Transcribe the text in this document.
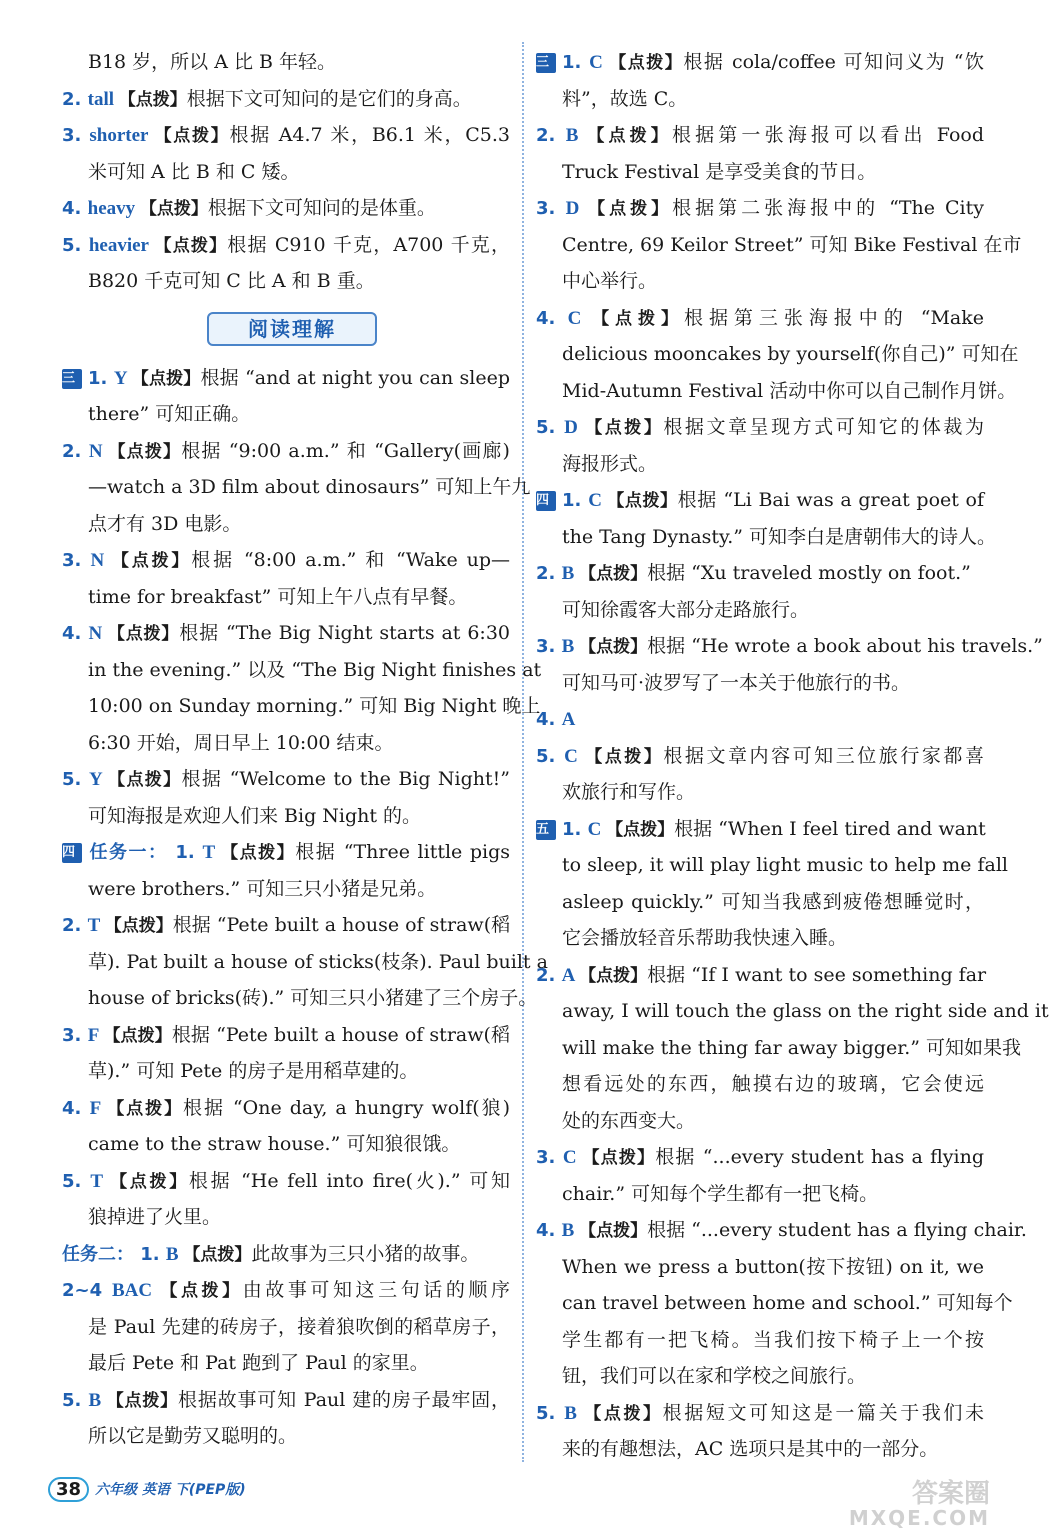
B18 岁，所以 A 比 B 年轻。
2. tall 【点拨】根据下文可知问的是它们的身高。
3. shorter 【点拨】根据 A4.7 米，B6.1 米，C5.3
米可知 A 比 B 和 C 矮。
4. heavy 【点拨】根据下文可知问的是体重。
5. heavier 【点拨】根据 C910 千克，A700 千克，
B820 千克可知 C 比 A 和 B 重。
阅读理解
三 1. Y 【点拨】根据 “and at night you can sleep
there” 可知正确。
2. N 【点拨】根据 “9:00 a.m.” 和 “Gallery(画廊)
—watch a 3D film about dinosaurs” 可知上午九
点才有 3D 电影。
3. N 【点拨】根据 “8:00 a.m.” 和 “Wake up—
time for breakfast” 可知上午八点有早餐。
4. N 【点拨】根据 “The Big Night starts at 6:30
in the evening.” 以及 “The Big Night finishes at
10:00 on Sunday morning.” 可知 Big Night 晚上
6:30 开始，周日早上 10:00 结束。
5. Y 【点拨】根据 “Welcome to the Big Night!”
可知海报是欢迎人们来 Big Night 的。
四 任务一： 1. T 【点拨】根据 “Three little pigs
were brothers.” 可知三只小猪是兄弟。
2. T 【点拨】根据 “Pete built a house of straw(稻
草). Pat built a house of sticks(枝条). Paul built a
house of bricks(砖).” 可知三只小猪建了三个房子。
3. F 【点拨】根据 “Pete built a house of straw(稻
草).” 可知 Pete 的房子是用稻草建的。
4. F 【点拨】根据 “One day, a hungry wolf(狼)
came to the straw house.” 可知狼很饿。
5. T 【点拨】根据 “He fell into fire(火).” 可知
狼掉进了火里。
任务二： 1. B 【点拨】此故事为三只小猪的故事。
2~4 BAC 【点拨】由故事可知这三句话的顺序
是 Paul 先建的砖房子，接着狼吹倒的稻草房子，
最后 Pete 和 Pat 跑到了 Paul 的家里。
5. B 【点拨】根据故事可知 Paul 建的房子最牢固，
所以它是勤劳又聪明的。
三 1. C 【点拨】根据 cola/coffee 可知问义为 “饮
料”，故选 C。
2. B 【点拨】根据第一张海报可以看出 Food
Truck Festival 是享受美食的节日。
3. D 【点拨】根据第二张海报中的 “The City
Centre, 69 Keilor Street” 可知 Bike Festival 在市
中心举行。
4. C 【点拨】根据第三张海报中的 “Make
delicious mooncakes by yourself(你自己)” 可知在
Mid-Autumn Festival 活动中你可以自己制作月饼。
5. D 【点拨】根据文章呈现方式可知它的体裁为
海报形式。
四 1. C 【点拨】根据 “Li Bai was a great poet of
the Tang Dynasty.” 可知李白是唐朝伟大的诗人。
2. B 【点拨】根据 “Xu traveled mostly on foot.”
可知徐霞客大部分走路旅行。
3. B 【点拨】根据 “He wrote a book about his travels.”
可知马可·波罗写了一本关于他旅行的书。
4. A
5. C 【点拨】根据文章内容可知三位旅行家都喜
欢旅行和写作。
五 1. C 【点拨】根据 “When I feel tired and want
to sleep, it will play light music to help me fall
asleep quickly.” 可知当我感到疲倦想睡觉时，
它会播放轻音乐帮助我快速入睡。
2. A 【点拨】根据 “If I want to see something far
away, I will touch the glass on the right side and it
will make the thing far away bigger.” 可知如果我
想看远处的东西，触摸右边的玻璃，它会使远
处的东西变大。
3. C 【点拨】根据 “...every student has a flying
chair.” 可知每个学生都有一把飞椅。
4. B 【点拨】根据 “...every student has a flying chair.
When we press a button(按下按钮) on it, we
can travel between home and school.” 可知每个
学生都有一把飞椅。当我们按下椅子上一个按
钮，我们可以在家和学校之间旅行。
5. B 【点拨】根据短文可知这是一篇关于我们未
来的有趣想法，AC 选项只是其中的一部分。
38	六年级 英语 下(PEP版)	答案圈
MXQE.COM
